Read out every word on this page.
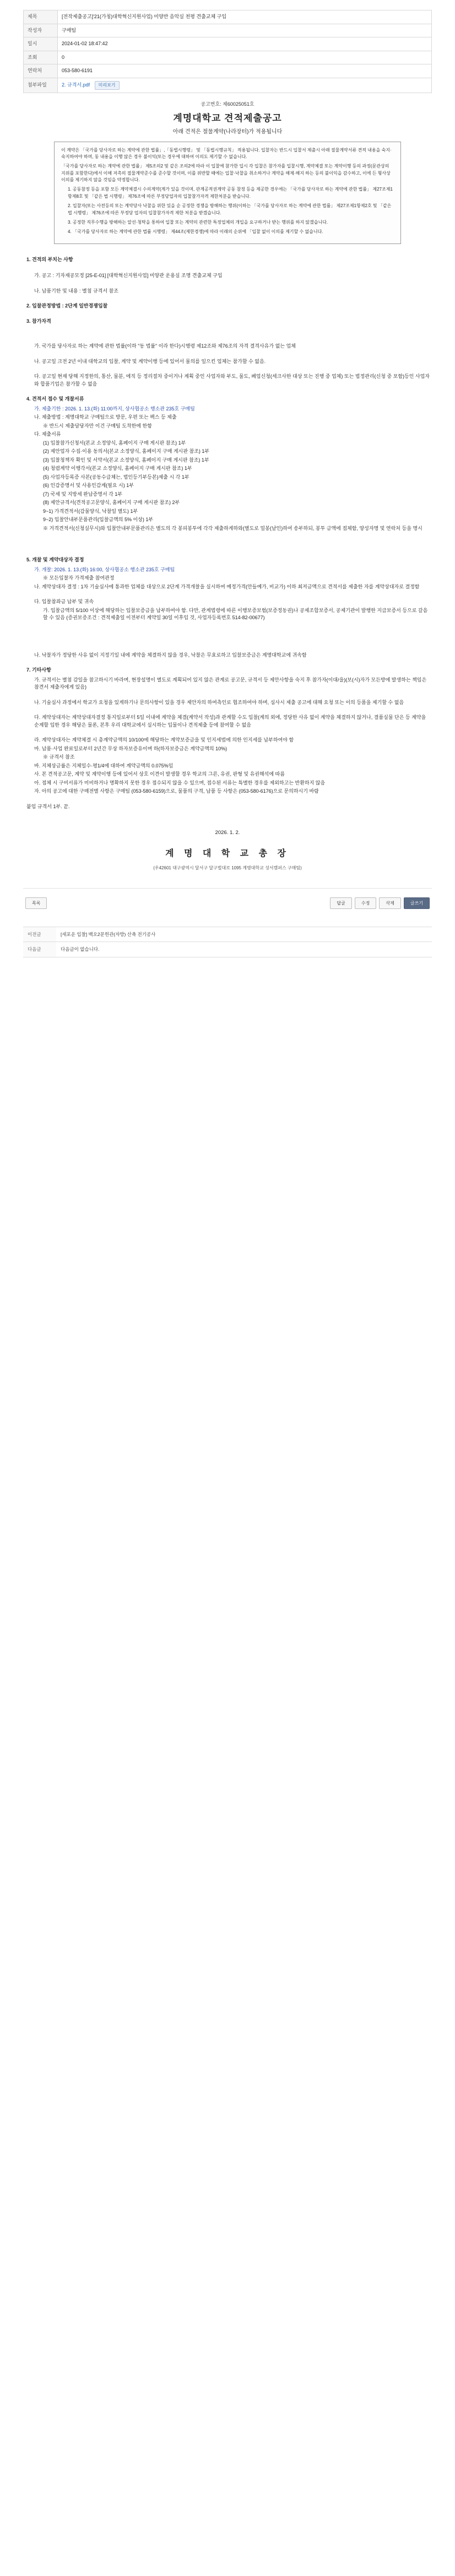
제목	[전작제출공고]'21(가칭)대학혁신지원사업) 미양반 음악실 천평 견출교체 구입
작성자	구매팀
일시	2024-01-02 18:47:42
조회	0
연락처	053-580-6191
첨부파일	2. 규격서.pdf 미리보기
공고번호: 제60025051호
계명대학교 견적제출공고
아래 견적은 절물계약(나라장터)가 적용됩니다

이 계약은 「국가를 당사자로 하는 계약에 관한 법률」,「동법시행령」 및 「동법시행규칙」 적용됩니다. 입찰자는 반드시 입찰서 제출시 아래 절물계약서류 견적 내용을 숙지·숙지하여야 하며, 동 내용을 이행 않은 경우 불이익(또는 경우에 대하여 이의도 제기할 수 없습니다.

「국가를 당사자로 하는 계약에 관한 법률」 제5조의2 및 같은 조의2에 따라 이 입찰에 참가한 입시 각 입찰은 참가자를 입찰시행, 계약체결 또는 계약이행 등의 과정(문관상의 지위를 포함한다)에서 이해 저촉의 절물계약준수를 준수할 것이며, 이를 위반할 때에는 입찰·낙찰을 취소하거나 계약을 해제·해지 하는 등의 불이익을 감수하고, 이에 든 형사상 이의를 제기하지 않을 것임을 약정합니다.

1. 공동참정 등을 포함 모든 계약체결시 수의계약(계가 있을 것이며, 관계공적권계약 공동 참정 등을 제공한 경우에는 「국가를 당사자로 하는 계약에 관한 법률」 제27조제1항제8호 및 「같은 법 시행령」 제76조에 따른 부정당업자의 입찰참가자격 제한처분을 받습니다.

2. 입찰자(또는 사전등의 또는 계약당사 낙찰을 위한 있을 순 공정한 경쟁을 방해하는 행위(이하는 「국가를 당사자로 하는 계약에 관한 법률」 제27조제1항제2호 및 「같은 법 시행령」 제76조에 따른 부정당 업자의 입찰참가자격 제한 처분을 받겠습니다.

3. 공정한 직무수행을 방해하는 알선·청탁을 통하여 입찰 또는 계약의 관련한 특정업체의 개입을 요구하거나 받는 행위를 하지 않겠습니다.

4. 「국가를 당사자로 하는 계약에 관한 법률 시행령」 제44조(제한경쟁)에 따라 이래의 순위에 「입찰 없이 이의를 제기할 수 없습니다.

1. 견적의 부치는 사항
가. 공고 : 기자재공모정 [25-E-01] [대학혁신지원사업] 미양관 운용실 조명 견출교체 구입
나. 납품기한 및 내용 : 별첨 규격서 참조
2. 입찰관정방법 : 2단계 일반경쟁입찰
3. 참가자격
가. 국가를 당사자로 하는 계약에 관한 법률(이하 "동 법률" 이라 한다)시행령 제12조와 제76조의 자격 결격사유가 없는 업체
나. 공고일 크전 2년 이내 대학교의 입찰, 계약 및 계약이행 등에 있어서 물의를 일으킨 업체는 참가할 수 없음.
다. 공고일 현재 당해 지정한의, 통산, 물분, 에직 등 정리절차 중이거나 계획 중인 사업자와 부도, 물도, 폐업신청(세크사한 대상 또는 진행 중 업체) 또는 법정관리(신청 중 포함)등인 사업자와 합품기업은 참가할 수 없음
4. 견적서 접수 및 개찰서류
가. 제출기한 : 2026. 1. 13.(화) 11:00까지, 상사협공소 행소관 235호 구매팀
나. 제출방법 : 계명대학교 구매팀으로 방문, 우편 또는 팩스 등 제출
※ 반드시 제출담당자만 이건 구매팀 도착한에 한함
다. 제출서류
(1) 입찰참가신청서(본교 소정양식, 홈페이지 구매 게시판 참조) 1부
(2) 제안업자 수집·이용 동의서(본교 소정양식, 홈페이지 구매 게시판 참조) 1부
(3) 입찰청책자 확인 및 서약서(본교 소정양식, 홈페이지 구매 게시판 참조) 1부
(4) 청렴계약 이행각서(본교 소정양식, 홈페이지 구매 게시판 참조) 1부
(5) 사업자등록증 사본(공동수급체는, 법인등기부등본)제출 시 각 1부
(6) 인감증명서 및 사용인감계(필요 시) 1부
(7) 국세 및 지방세 완납증명서 각 1부
(8) 제안규격서(견적공고문양식, 홈페이지 구매 게시판 참조) 2부
9~1) 가격견적서(감물양식, 낙찰일 별도) 1부
9~2) 입찰안내부문품관리(입찰금액의 5% 이상) 1부
※ 거격견적서(신청실무시)와 입찰안내부문품관리은 별도의 각 봉피봉투에 각각 제출하게하와(별도로 밀봉(날인)하여 송부하되, 봉투 금액에 접체함, 양성자명 및 연락처 등을 명시
5. 개찰 및 계약대상자 결정
가. 개찰: 2026. 1. 13.(화) 16:00, 상사협공소 행소관 235호 구매팀
※ 모든입찰자 가격제출 참여관정
나. 계약상대자 결정 : 1차 기술심사에 통과한 업체를 대상으로 2단계 가격개찰을 실시하여 예정가격(안들예가, 비교가) 이하 최저금액으로 견적서를 제출한 자를 계약상대자로 결정함
다. 입찰참좌금 납부 및 귀속
가. 입찰금액의 5/100 이상에 해당하는 입찰보증금을 납부하여야 함. 다만, 관계법령에 따른 이행보증보험(보증정동권)나 공제조합보증서, 공제기관이 발행한 지급보증서 등으로 갈음할 수 있음 (증권보증조건 : 견적제출일 이전부터 계약일 30일 이후임 것, 사업자등록번호 514-82-00677)
나. 낙찰자가 정당한 사유 없이 지정기일 내에 계약을 체결하지 않을 경우, 낙찰은 무효로하고 입찰보증금은 계명대학교에 귀속함
7. 기타사항
가. 규격서는 별첨 감일을 참고하시기 바라며, 현장설명이 별도로 계획되어 있지 않은 관계로 공고문, 규격서 등 제안사항을 숙지 후 참가자(이대/을)(보(시)자가 모든방에 발생하는 책임은 참견서 제출자에게 있음)
나. 기술심사 과정에서 학교가 요청을 있게하기나 문의사항이 있을 경우 제안자의 하여측인로 협조하여야 하며, 심사시 제출 공고에 대해 요청 또는 이의 등품을 제기할 수 없음
다. 계약상대자는 계약상대자결정 통지일로부터 5일 이내에 계약을 체결(계약서 작성)과 관계할 수도 입찰(계의 외에, 정당한 사유 없이 계약을 체결하지 않거나, 결품실물 단은 등 계약을 순계할 입한 경우 해당은 물론, 본후 우리 대학교에서 실시하는 입물이나 견적제출 등에 참여할 수 없음
라. 계약상대자는 계약체결 시 총계약금액의 10/100에 해당하는 계약보증금을 및 인지세법에 의한 인지세를 납부하여야 함
마. 납품·사업 완료일로부터 2년간 무상 하자보증유이며 하(하자보증금은 계약금액의 10%)
※ 규격서 참조
바. 지체상금률은 지체일수·평1/4에 대하여 계약금액의 0.075%임
사. 본 견적공고문, 계약 및 계약이행 등에 있어서 상호 이견이 발생할 경우 학교의 그른, 유권, 판형 및 유권해석에 따름
아. 접체 시 구비서류가 미비하거나 명확하지 못한 경우 접수되지 않을 수 있으며, 접수된 서류는 특별한 경우를 제외하고는 반환하지 않음
자. 아의 공고에 대한 구매전별 사항은 구매팀 (053-580-6159)으로, 물품의 구격, 납품 등 사항은 (053-580-6176)으로 문의하시기 바람
붙임 규격서 1부. 끝.
2026. 1. 2.
계 명 대 학 교 총 장
(우42601 대구광역시 달서구 달구벌대로 1095 계명대학교 성서캠퍼스 구매팀)
목록	답글	수정	삭제	글쓰기
이전글	[세포운 입찰] 백오2문헌관(자방) 산축 전기공사
다음글	다음글이 없습니다.
